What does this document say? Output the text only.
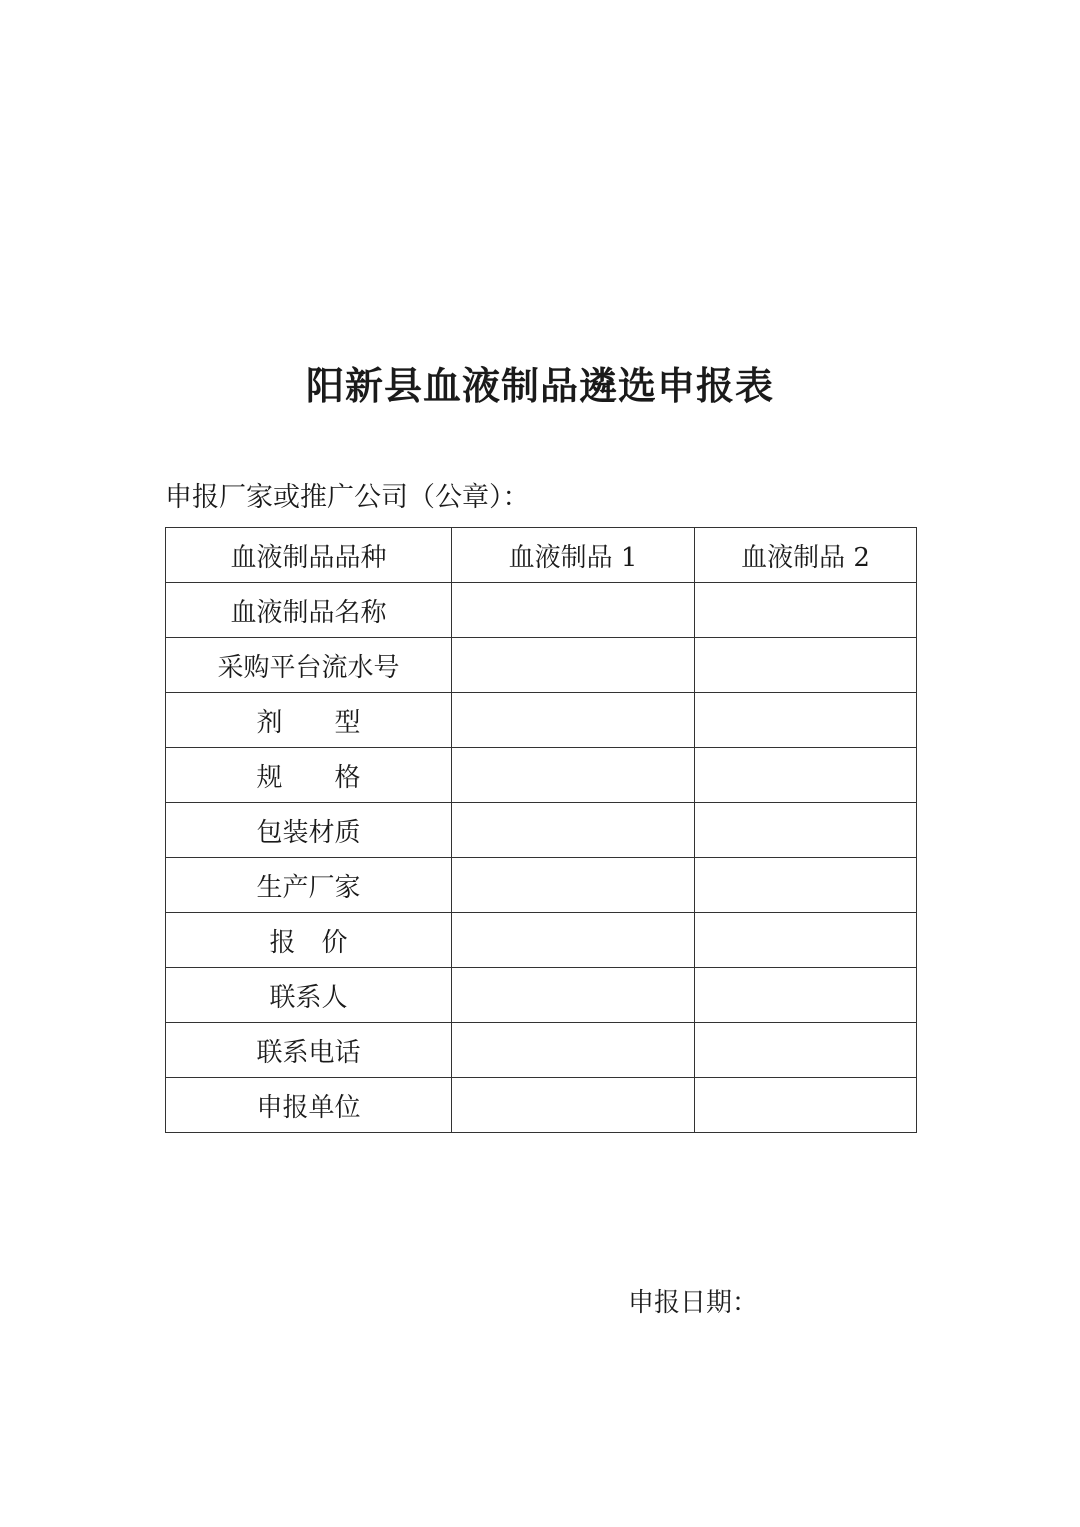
阳新县血液制品遴选申报表
申报厂家或推广公司（公章）：
血液制品品种	血液制品 1	血液制品 2
血液制品名称		
采购平台流水号		
剂　　型		
规　　格		
包装材质		
生产厂家		
报　价		
联系人		
联系电话		
申报单位		
申报日期：
